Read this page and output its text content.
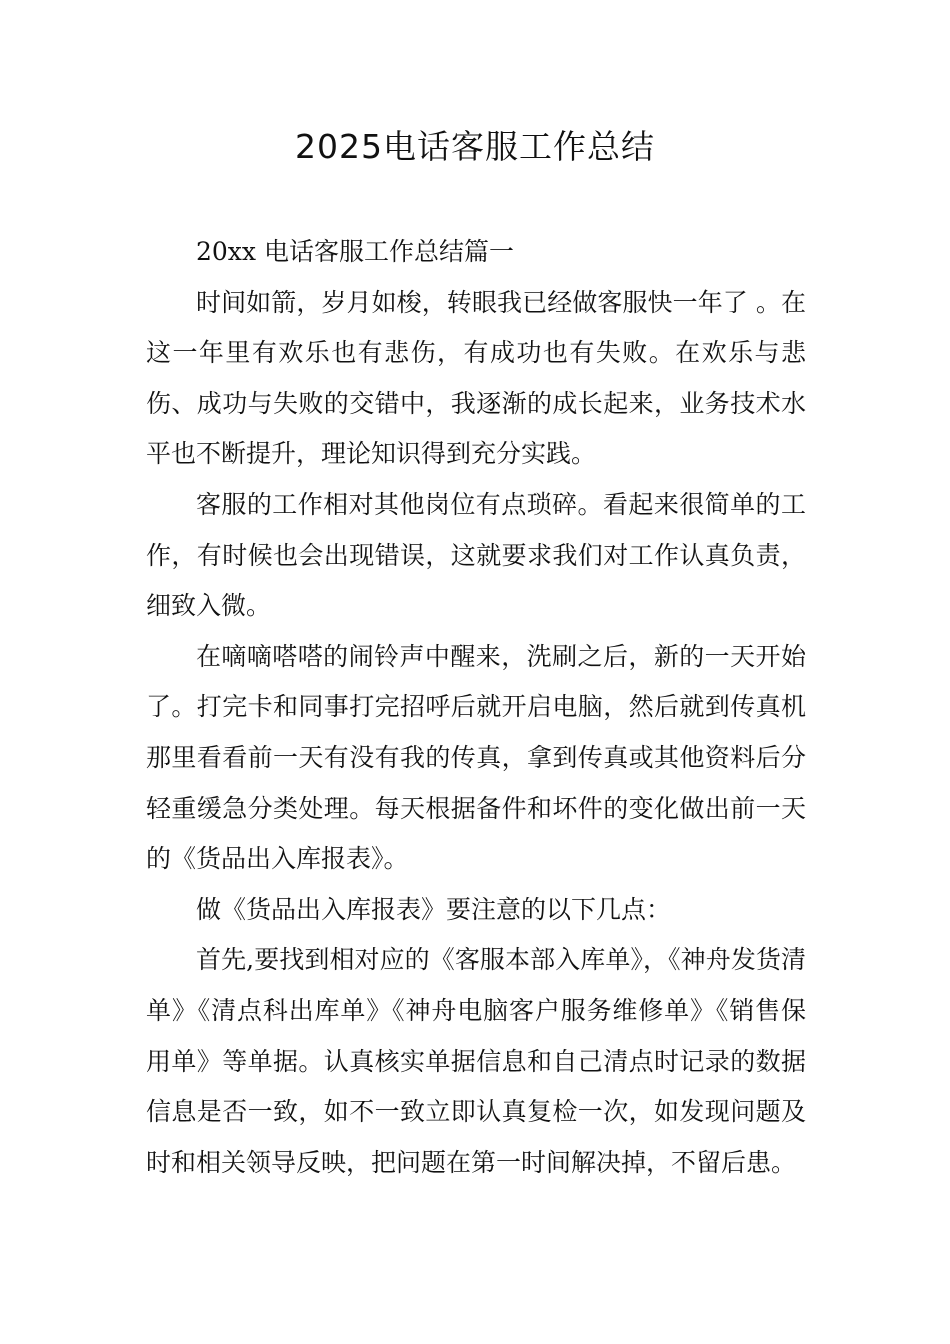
2025电话客服工作总结

20xx 电话客服工作总结篇一

时间如箭，岁月如梭，转眼我已经做客服快一年了 。在这一年里有欢乐也有悲伤，有成功也有失败。在欢乐与悲伤、成功与失败的交错中，我逐渐的成长起来，业务技术水平也不断提升，理论知识得到充分实践。

客服的工作相对其他岗位有点琐碎。看起来很简单的工作，有时候也会出现错误，这就要求我们对工作认真负责，细致入微。

在嘀嘀嗒嗒的闹铃声中醒来，洗刷之后，新的一天开始了。打完卡和同事打完招呼后就开启电脑，然后就到传真机那里看看前一天有没有我的传真，拿到传真或其他资料后分轻重缓急分类处理。每天根据备件和坏件的变化做出前一天的《货品出入库报表》。

做《货品出入库报表》要注意的以下几点：

首先,要找到相对应的《客服本部入库单》，《神舟发货清单》《清点科出库单》《神舟电脑客户服务维修单》《销售保用单》等单据。认真核实单据信息和自己清点时记录的数据信息是否一致，如不一致立即认真复检一次，如发现问题及时和相关领导反映，把问题在第一时间解决掉，不留后患。
